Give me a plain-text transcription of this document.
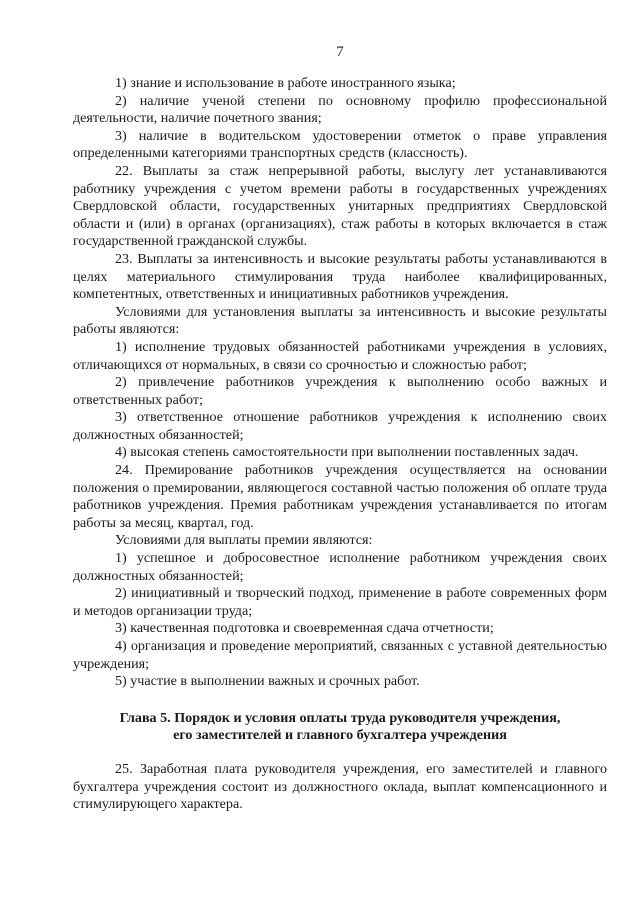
7

1) знание и использование в работе иностранного языка;

2) наличие ученой степени по основному профилю профессиональной деятельности, наличие почетного звания;

3) наличие в водительском удостоверении отметок о праве управления определенными категориями транспортных средств (классность).

22. Выплаты за стаж непрерывной работы, выслугу лет устанавливаются работнику учреждения с учетом времени работы в государственных учреждениях Свердловской области, государственных унитарных предприятиях Свердловской области и (или) в органах (организациях), стаж работы в которых включается в стаж государственной гражданской службы.

23. Выплаты за интенсивность и высокие результаты работы устанавливаются в целях материального стимулирования труда наиболее квалифицированных, компетентных, ответственных и инициативных работников учреждения.

Условиями для установления выплаты за интенсивность и высокие результаты работы являются:

1) исполнение трудовых обязанностей работниками учреждения в условиях, отличающихся от нормальных, в связи со срочностью и сложностью работ;

2) привлечение работников учреждения к выполнению особо важных и ответственных работ;

3) ответственное отношение работников учреждения к исполнению своих должностных обязанностей;

4) высокая степень самостоятельности при выполнении поставленных задач.

24. Премирование работников учреждения осуществляется на основании положения о премировании, являющегося составной частью положения об оплате труда работников учреждения. Премия работникам учреждения устанавливается по итогам работы за месяц, квартал, год.

Условиями для выплаты премии являются:

1) успешное и добросовестное исполнение работником учреждения своих должностных обязанностей;

2) инициативный и творческий подход, применение в работе современных форм и методов организации труда;

3) качественная подготовка и своевременная сдача отчетности;

4) организация и проведение мероприятий, связанных с уставной деятельностью учреждения;

5) участие в выполнении важных и срочных работ.

Глава 5. Порядок и условия оплаты труда руководителя учреждения,
его заместителей и главного бухгалтера учреждения

25. Заработная плата руководителя учреждения, его заместителей и главного бухгалтера учреждения состоит из должностного оклада, выплат компенсационного и стимулирующего характера.
